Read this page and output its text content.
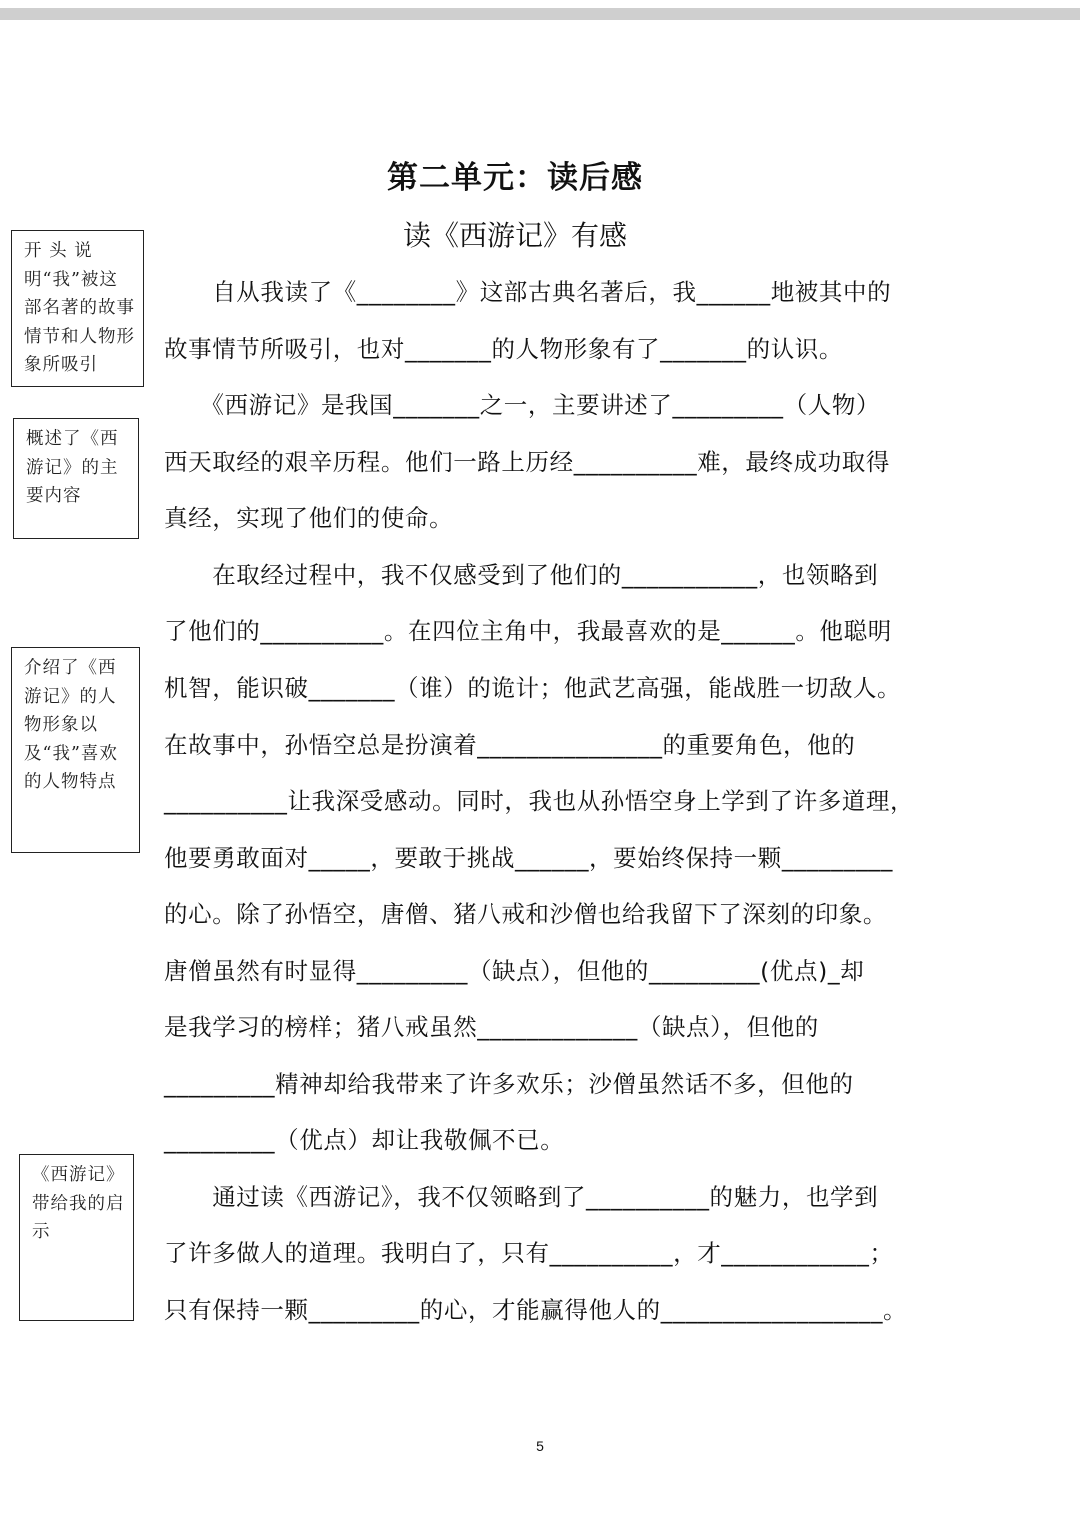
第二单元：读后感
读《西游记》有感
开 头 说 明“我”被这部名著的故事情节和人物形象所吸引
概述了《西游记》的主要内容
介绍了《西游记》的人物形象以及“我”喜欢的人物特点
《西游记》带给我的启示
　　自从我读了《________》这部古典名著后，我______地被其中的
故事情节所吸引，也对_______的人物形象有了_______的认识。
　　《西游记》是我国_______之一，主要讲述了_________（人物）
西天取经的艰辛历程。他们一路上历经__________难，最终成功取得
真经，实现了他们的使命。
　　在取经过程中，我不仅感受到了他们的___________，也领略到
了他们的__________。在四位主角中，我最喜欢的是______。他聪明
机智，能识破_______（谁）的诡计；他武艺高强，能战胜一切敌人。
在故事中，孙悟空总是扮演着_______________的重要角色，他的
__________让我深受感动。同时，我也从孙悟空身上学到了许多道理，
他要勇敢面对_____，要敢于挑战______，要始终保持一颗_________
的心。除了孙悟空，唐僧、猪八戒和沙僧也给我留下了深刻的印象。
唐僧虽然有时显得_________（缺点），但他的_________(优点)_却
是我学习的榜样；猪八戒虽然_____________（缺点），但他的
_________精神却给我带来了许多欢乐；沙僧虽然话不多，但他的
_________（优点）却让我敬佩不已。
　　通过读《西游记》，我不仅领略到了__________的魅力，也学到
了许多做人的道理。我明白了，只有__________，才____________；
只有保持一颗_________的心，才能赢得他人的__________________。
5
